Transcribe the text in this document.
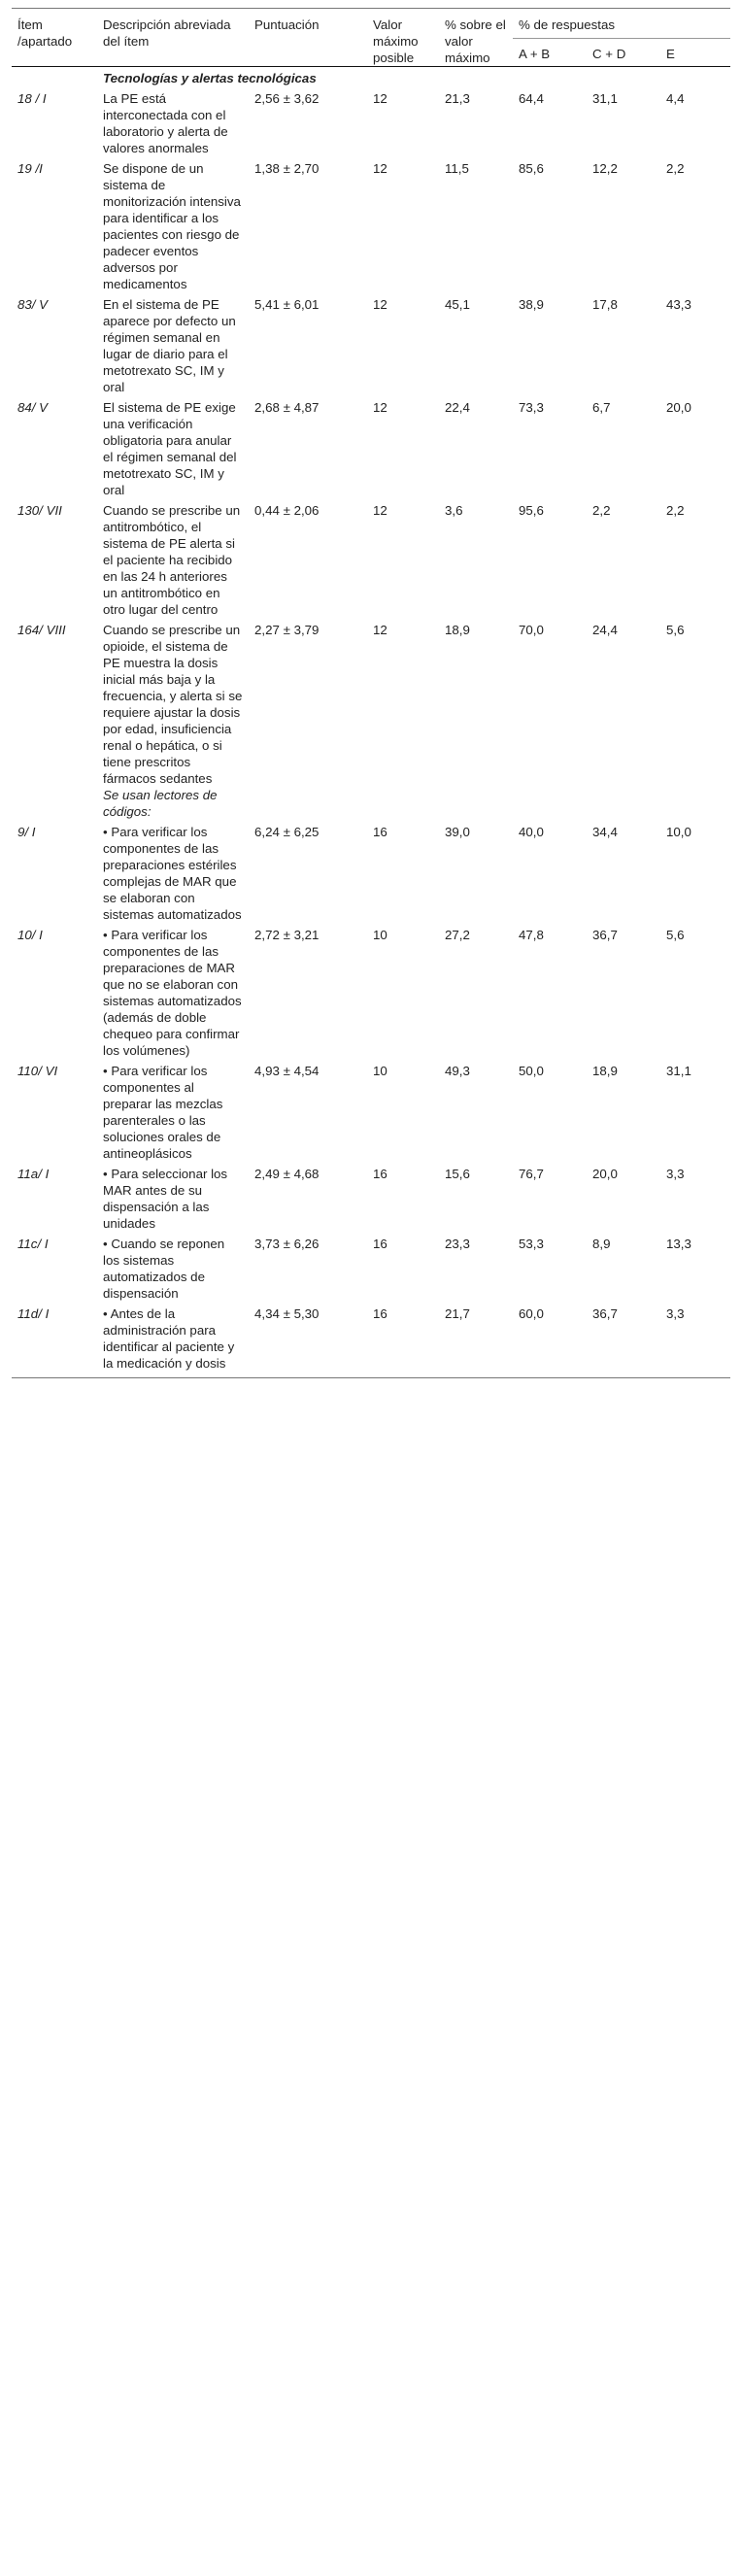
Ítem /apartado	Descripción abreviada del ítem	Puntuación	Valor máximo posible	% sobre el valor máximo	% de respuestas		
					A + B	C + D	E
	Tecnologías y alertas tecnológicas						
18 / I	La PE está interconectada con el laboratorio y alerta de valores anormales	2,56 ± 3,62	12	21,3	64,4	31,1	4,4
19 /I	Se dispone de un sistema de monitorización intensiva para identificar a los pacientes con riesgo de padecer eventos adversos por medicamentos	1,38 ± 2,70	12	11,5	85,6	12,2	2,2
83/ V	En el sistema de PE aparece por defecto un régimen semanal en lugar de diario para el metotrexato SC, IM y oral	5,41 ± 6,01	12	45,1	38,9	17,8	43,3
84/ V	El sistema de PE exige una verificación obligatoria para anular el régimen semanal del metotrexato SC, IM y oral	2,68 ± 4,87	12	22,4	73,3	6,7	20,0
130/ VII	Cuando se prescribe un antitrombótico, el sistema de PE alerta si el paciente ha recibido en las 24 h anteriores un antitrombótico en otro lugar del centro	0,44 ± 2,06	12	3,6	95,6	2,2	2,2
164/ VIII	Cuando se prescribe un opioide, el sistema de PE muestra la dosis inicial más baja y la frecuencia, y alerta si se requiere ajustar la dosis por edad, insuficiencia renal o hepática, o si tiene prescritos fármacos sedantes	2,27 ± 3,79	12	18,9	70,0	24,4	5,6
	Se usan lectores de códigos:						
9/ I	• Para verificar los componentes de las preparaciones estériles complejas de MAR que se elaboran con sistemas automatizados	6,24 ± 6,25	16	39,0	40,0	34,4	10,0
10/ I	• Para verificar los componentes de las preparaciones de MAR que no se elaboran con sistemas automatizados (además de doble chequeo para confirmar los volúmenes)	2,72 ± 3,21	10	27,2	47,8	36,7	5,6
110/ VI	• Para verificar los componentes al preparar las mezclas parenterales o las soluciones orales de antineoplásicos	4,93 ± 4,54	10	49,3	50,0	18,9	31,1
11a/ I	• Para seleccionar los MAR antes de su dispensación a las unidades	2,49 ± 4,68	16	15,6	76,7	20,0	3,3
11c/ I	• Cuando se reponen los sistemas automatizados de dispensación	3,73 ± 6,26	16	23,3	53,3	8,9	13,3
11d/ I	• Antes de la administración para identificar al paciente y la medicación y dosis	4,34 ± 5,30	16	21,7	60,0	36,7	3,3
